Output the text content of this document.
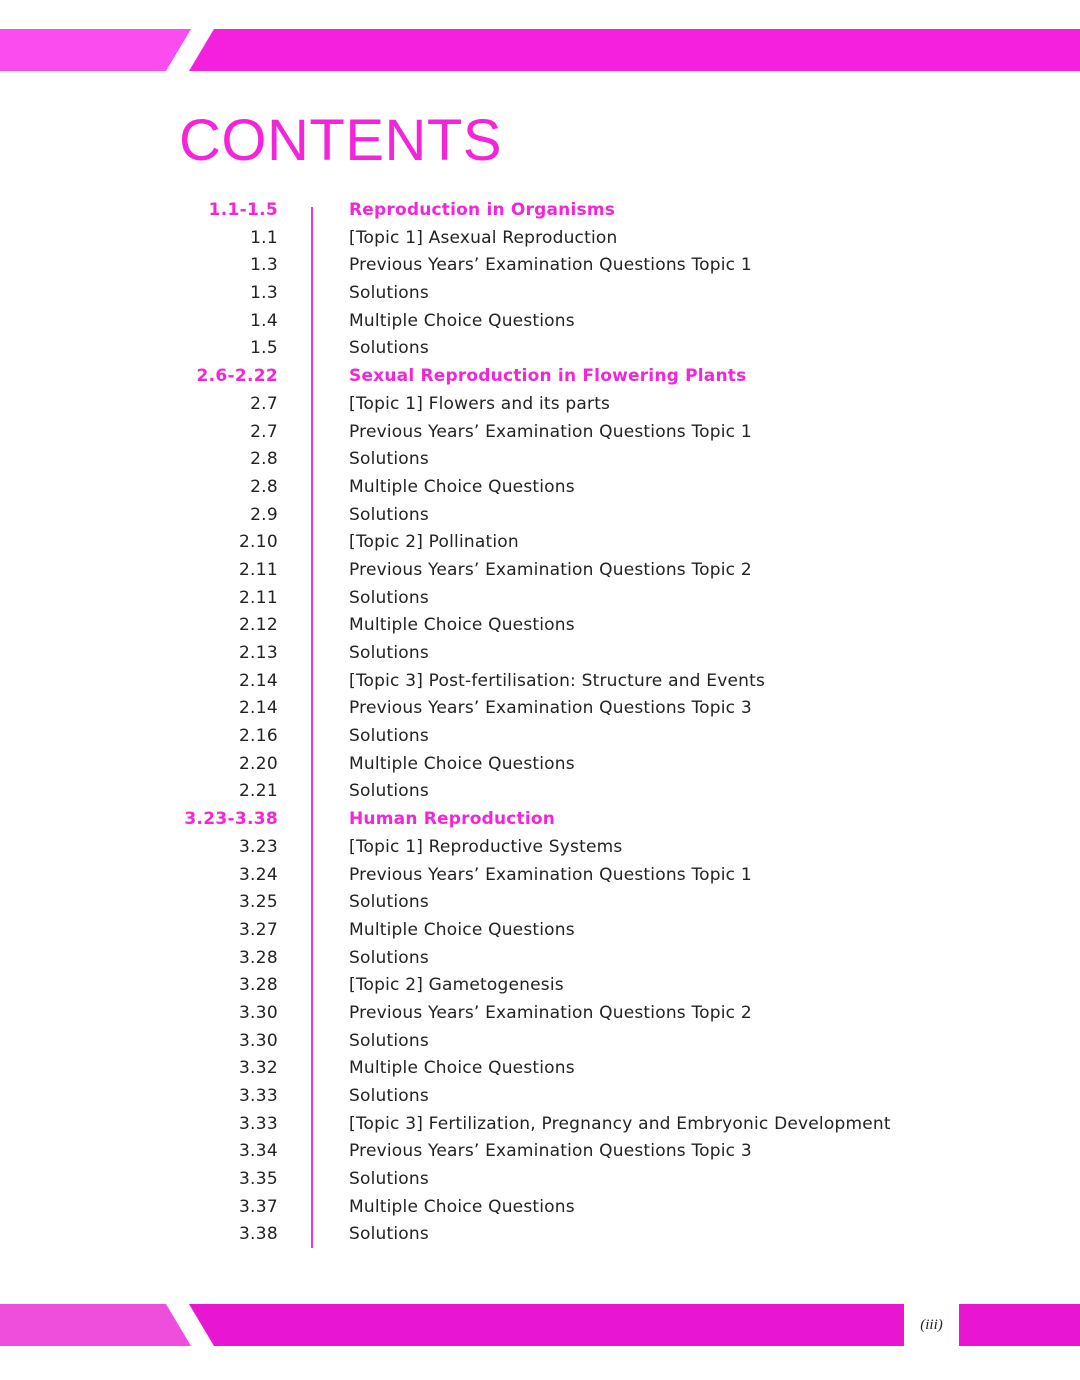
CONTENTS
1.1-1.5	Reproduction in Organisms
1.1	[Topic 1] Asexual Reproduction
1.3	Previous Years’ Examination Questions Topic 1
1.3	Solutions
1.4	Multiple Choice Questions
1.5	Solutions
2.6-2.22	Sexual Reproduction in Flowering Plants
2.7	[Topic 1] Flowers and its parts
2.7	Previous Years’ Examination Questions Topic 1
2.8	Solutions
2.8	Multiple Choice Questions
2.9	Solutions
2.10	[Topic 2] Pollination
2.11	Previous Years’ Examination Questions Topic 2
2.11	Solutions
2.12	Multiple Choice Questions
2.13	Solutions
2.14	[Topic 3] Post-fertilisation: Structure and Events
2.14	Previous Years’ Examination Questions Topic 3
2.16	Solutions
2.20	Multiple Choice Questions
2.21	Solutions
3.23-3.38	Human Reproduction
3.23	[Topic 1] Reproductive Systems
3.24	Previous Years’ Examination Questions Topic 1
3.25	Solutions
3.27	Multiple Choice Questions
3.28	Solutions
3.28	[Topic 2] Gametogenesis
3.30	Previous Years’ Examination Questions Topic 2
3.30	Solutions
3.32	Multiple Choice Questions
3.33	Solutions
3.33	[Topic 3] Fertilization, Pregnancy and Embryonic Development
3.34	Previous Years’ Examination Questions Topic 3
3.35	Solutions
3.37	Multiple Choice Questions
3.38	Solutions
(iii)
